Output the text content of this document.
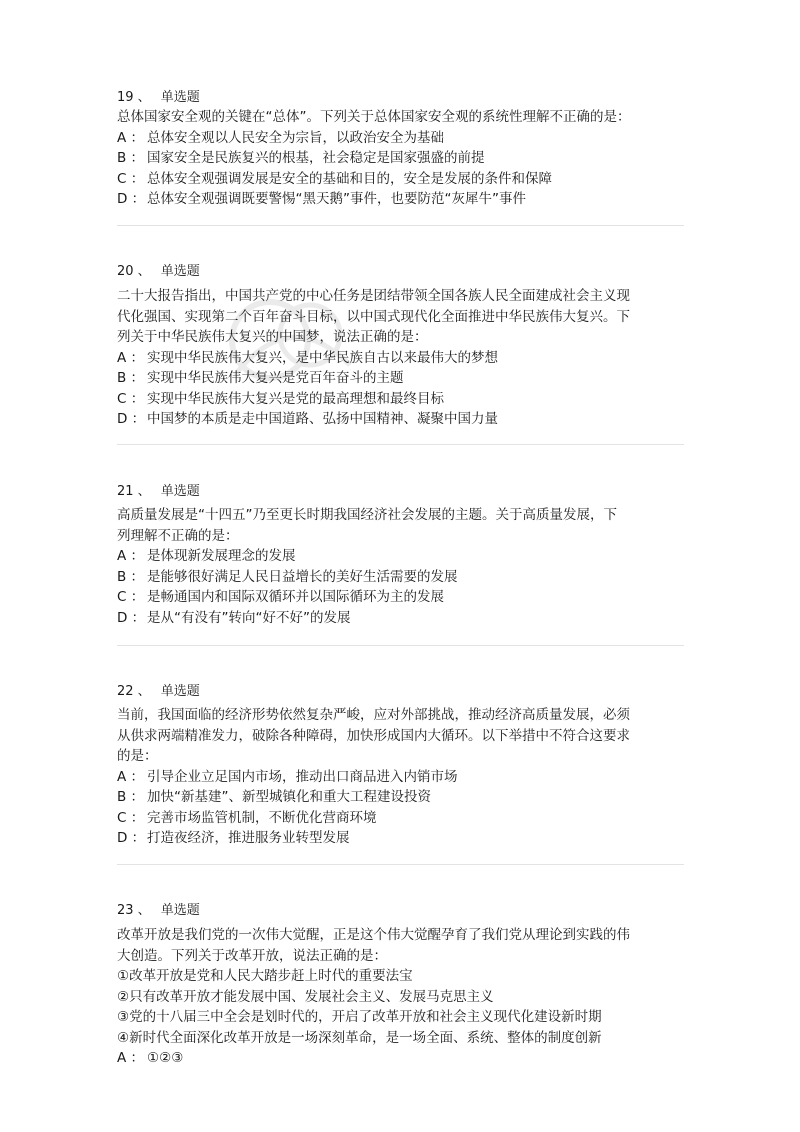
19 、 单选题
总体国家安全观的关键在“总体”。下列关于总体国家安全观的系统性理解不正确的是：
A ： 总体安全观以人民安全为宗旨，以政治安全为基础
B ： 国家安全是民族复兴的根基，社会稳定是国家强盛的前提
C ： 总体安全观强调发展是安全的基础和目的，安全是发展的条件和保障
D ： 总体安全观强调既要警惕“黑天鹅”事件，也要防范“灰犀牛”事件
20 、 单选题
二十大报告指出，中国共产党的中心任务是团结带领全国各族人民全面建成社会主义现
代化强国、实现第二个百年奋斗目标，以中国式现代化全面推进中华民族伟大复兴。下
列关于中华民族伟大复兴的中国梦，说法正确的是：
A ： 实现中华民族伟大复兴，是中华民族自古以来最伟大的梦想
B ： 实现中华民族伟大复兴是党百年奋斗的主题
C ： 实现中华民族伟大复兴是党的最高理想和最终目标
D ： 中国梦的本质是走中国道路、弘扬中国精神、凝聚中国力量
21 、 单选题
高质量发展是“十四五”乃至更长时期我国经济社会发展的主题。关于高质量发展，下
列理解不正确的是：
A ： 是体现新发展理念的发展
B ： 是能够很好满足人民日益增长的美好生活需要的发展
C ： 是畅通国内和国际双循环并以国际循环为主的发展
D ： 是从“有没有”转向“好不好”的发展
22 、 单选题
当前，我国面临的经济形势依然复杂严峻，应对外部挑战，推动经济高质量发展，必须
从供求两端精准发力，破除各种障碍，加快形成国内大循环。以下举措中不符合这要求
的是：
A ： 引导企业立足国内市场，推动出口商品进入内销市场
B ： 加快“新基建”、新型城镇化和重大工程建设投资
C ： 完善市场监管机制，不断优化营商环境
D ： 打造夜经济，推进服务业转型发展
23 、 单选题
改革开放是我们党的一次伟大觉醒，正是这个伟大觉醒孕育了我们党从理论到实践的伟
大创造。下列关于改革开放，说法正确的是：
①改革开放是党和人民大踏步赶上时代的重要法宝
②只有改革开放才能发展中国、发展社会主义、发展马克思主义
③党的十八届三中全会是划时代的，开启了改革开放和社会主义现代化建设新时期
④新时代全面深化改革开放是一场深刻革命，是一场全面、系统、整体的制度创新
A ： ①②③
